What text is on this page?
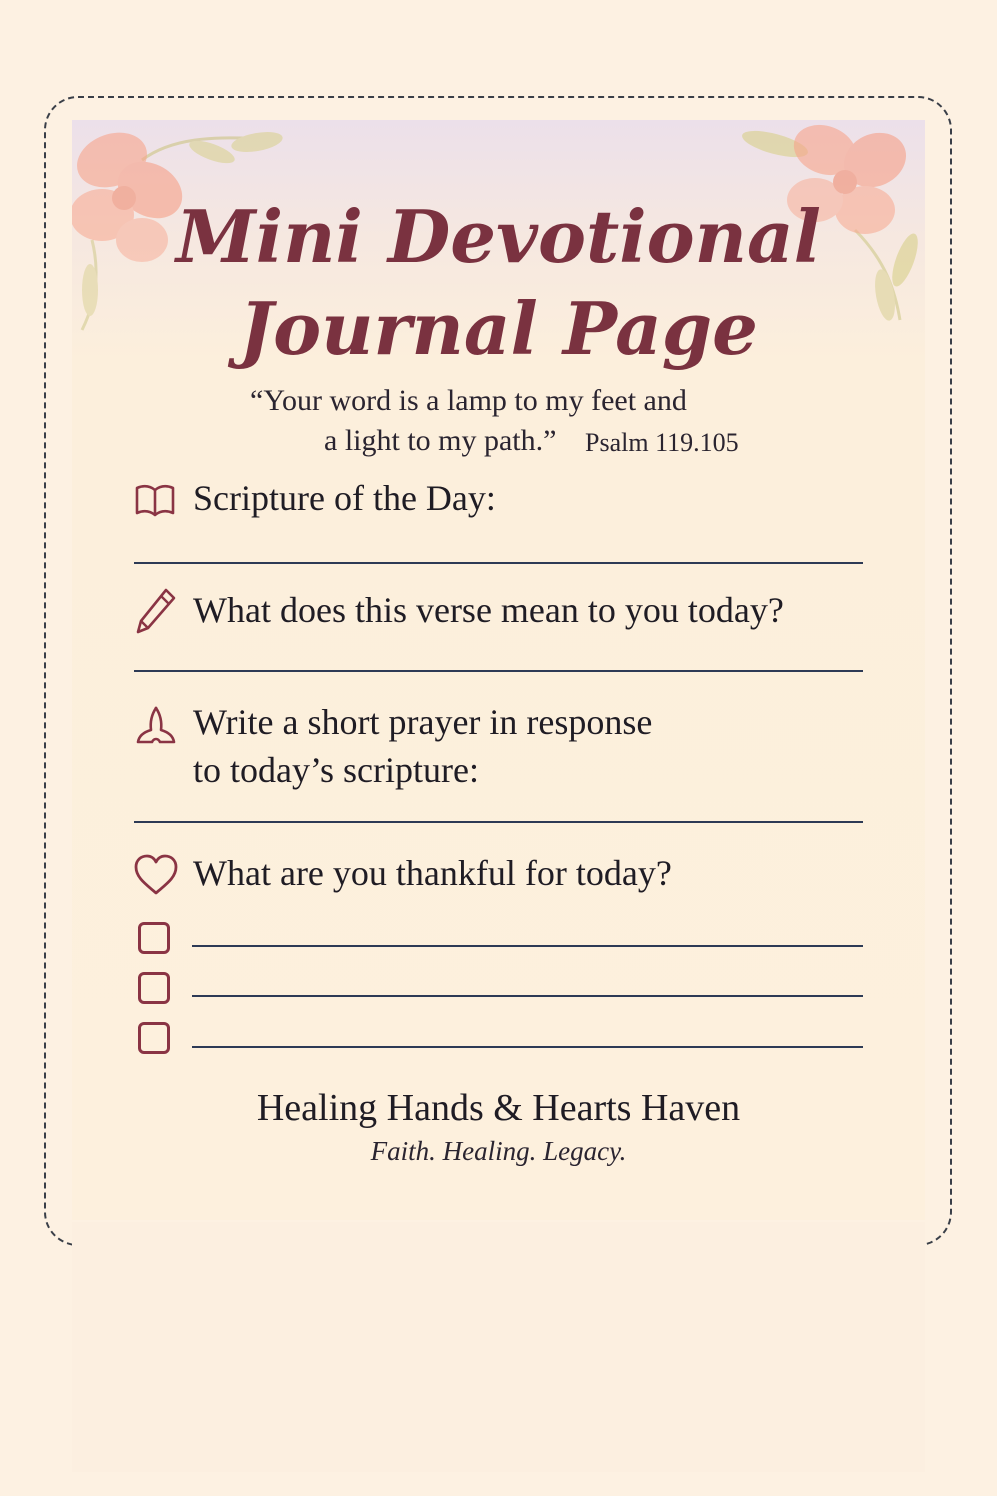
Mini Devotional
Journal Page
“Your word is a lamp to my feet and
a light to my path.” Psalm 119.105
Scripture of the Day:
What does this verse mean to you today?
Write a short prayer in response
to today’s scripture:
What are you thankful for today?
Healing Hands & Hearts Haven
Faith. Healing. Legacy.
